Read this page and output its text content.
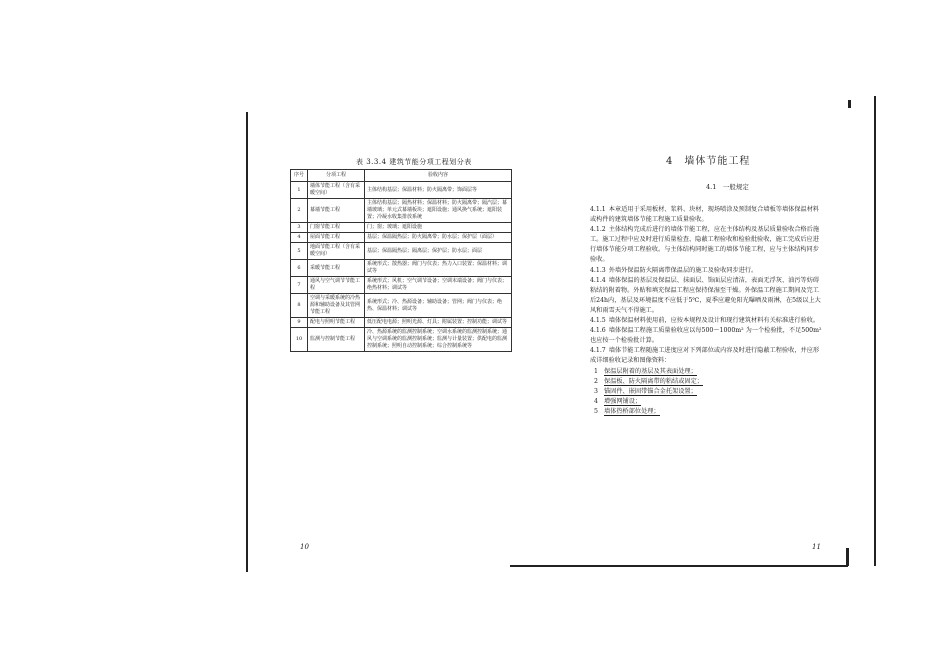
表 3.3.4 建筑节能分项工程划分表
序号	分项工程	验收内容
1	墙体节能工程（含有采暖空间）	主体结构基层；保温材料；防火隔离带；饰面层等
2	幕墙节能工程	主体结构基层；隔热材料；保温材料；防火隔离带；隔汽层；幕墙玻璃；单元式幕墙板块；遮阳设施；通风换气系统；遮阳装置；冷凝水收集排放系统
3	门窗节能工程	门；窗；玻璃；遮阳设施
4	屋面节能工程	基层；保温隔热层；防火隔离带；防水层；保护层（面层）
5	地面节能工程（含有采暖空间）	基层；保温隔热层；隔离层；保护层；防水层；面层
6	采暖节能工程	系统形式；散热器；阀门与仪表；热力入口装置；保温材料；调试等
7	通风与空气调节节能工程	系统形式；风机；空气调节设备；空调末端设备；阀门与仪表；绝热材料；调试等
8	空调与采暖系统的冷热源和辅助设备及其管网节能工程	系统形式；冷、热源设备；辅助设备；管网；阀门与仪表；绝热、保温材料；调试等
9	配电与照明节能工程	低压配电电源；照明光源、灯具；附属装置；控制功能；调试等
10	监测与控制节能工程	冷、热源系统的监测控制系统；空调水系统的监测控制系统；通风与空调系统的监测控制系统；监测与计量装置；供配电的监测控制系统；照明自动控制系统；综合控制系统等
10
4　墙体节能工程
4.1　一般规定

4.1.1 本章适用于采用板材、浆料、块材，现场喷涂及预制复合墙板等墙体保温材料或构件的建筑墙体节能工程施工质量验收。

4.1.2 主体结构完成后进行的墙体节能工程，应在主体结构及基层质量验收合格后施工。施工过程中应及时进行质量检查、隐蔽工程验收和检验批验收，施工完成后应进行墙体节能分项工程验收。与主体结构同时施工的墙体节能工程，应与主体结构同步验收。

4.1.3 外墙外保温防火隔离带保温层的施工及验收同步进行。

4.1.4 墙体保温的基层及保温层、抹面层、饰面层应清洁，表面无浮灰、油污等妨碍粘结的附着物。外贴和填充保温工程应保持保湿至干燥。外保温工程施工期间及完工后24h内，基层及环境温度不应低于5℃，夏季应避免阳光曝晒及雨淋，在5级以上大风和雨雪天气不得施工。

4.1.5 墙体保温材料使用前，应按本规程及设计和现行建筑材料有关标准进行验收。

4.1.6 墙体保温工程施工质量验收应以每500～1000m² 为一个检验批，不足500m² 也应按一个检验批计算。

4.1.7 墙体节能工程随施工进度应对下列部位或内容及时进行隐蔽工程验收，并应形成详细验收记录和图像资料：

1 保温层附着的基层及其表面处理；
2 保温板、防火隔离带的粘结或固定；
3 锚固件、嵌固带锚合金托架设置；
4 增强网铺设；
5 墙体热桥部位处理；
11
